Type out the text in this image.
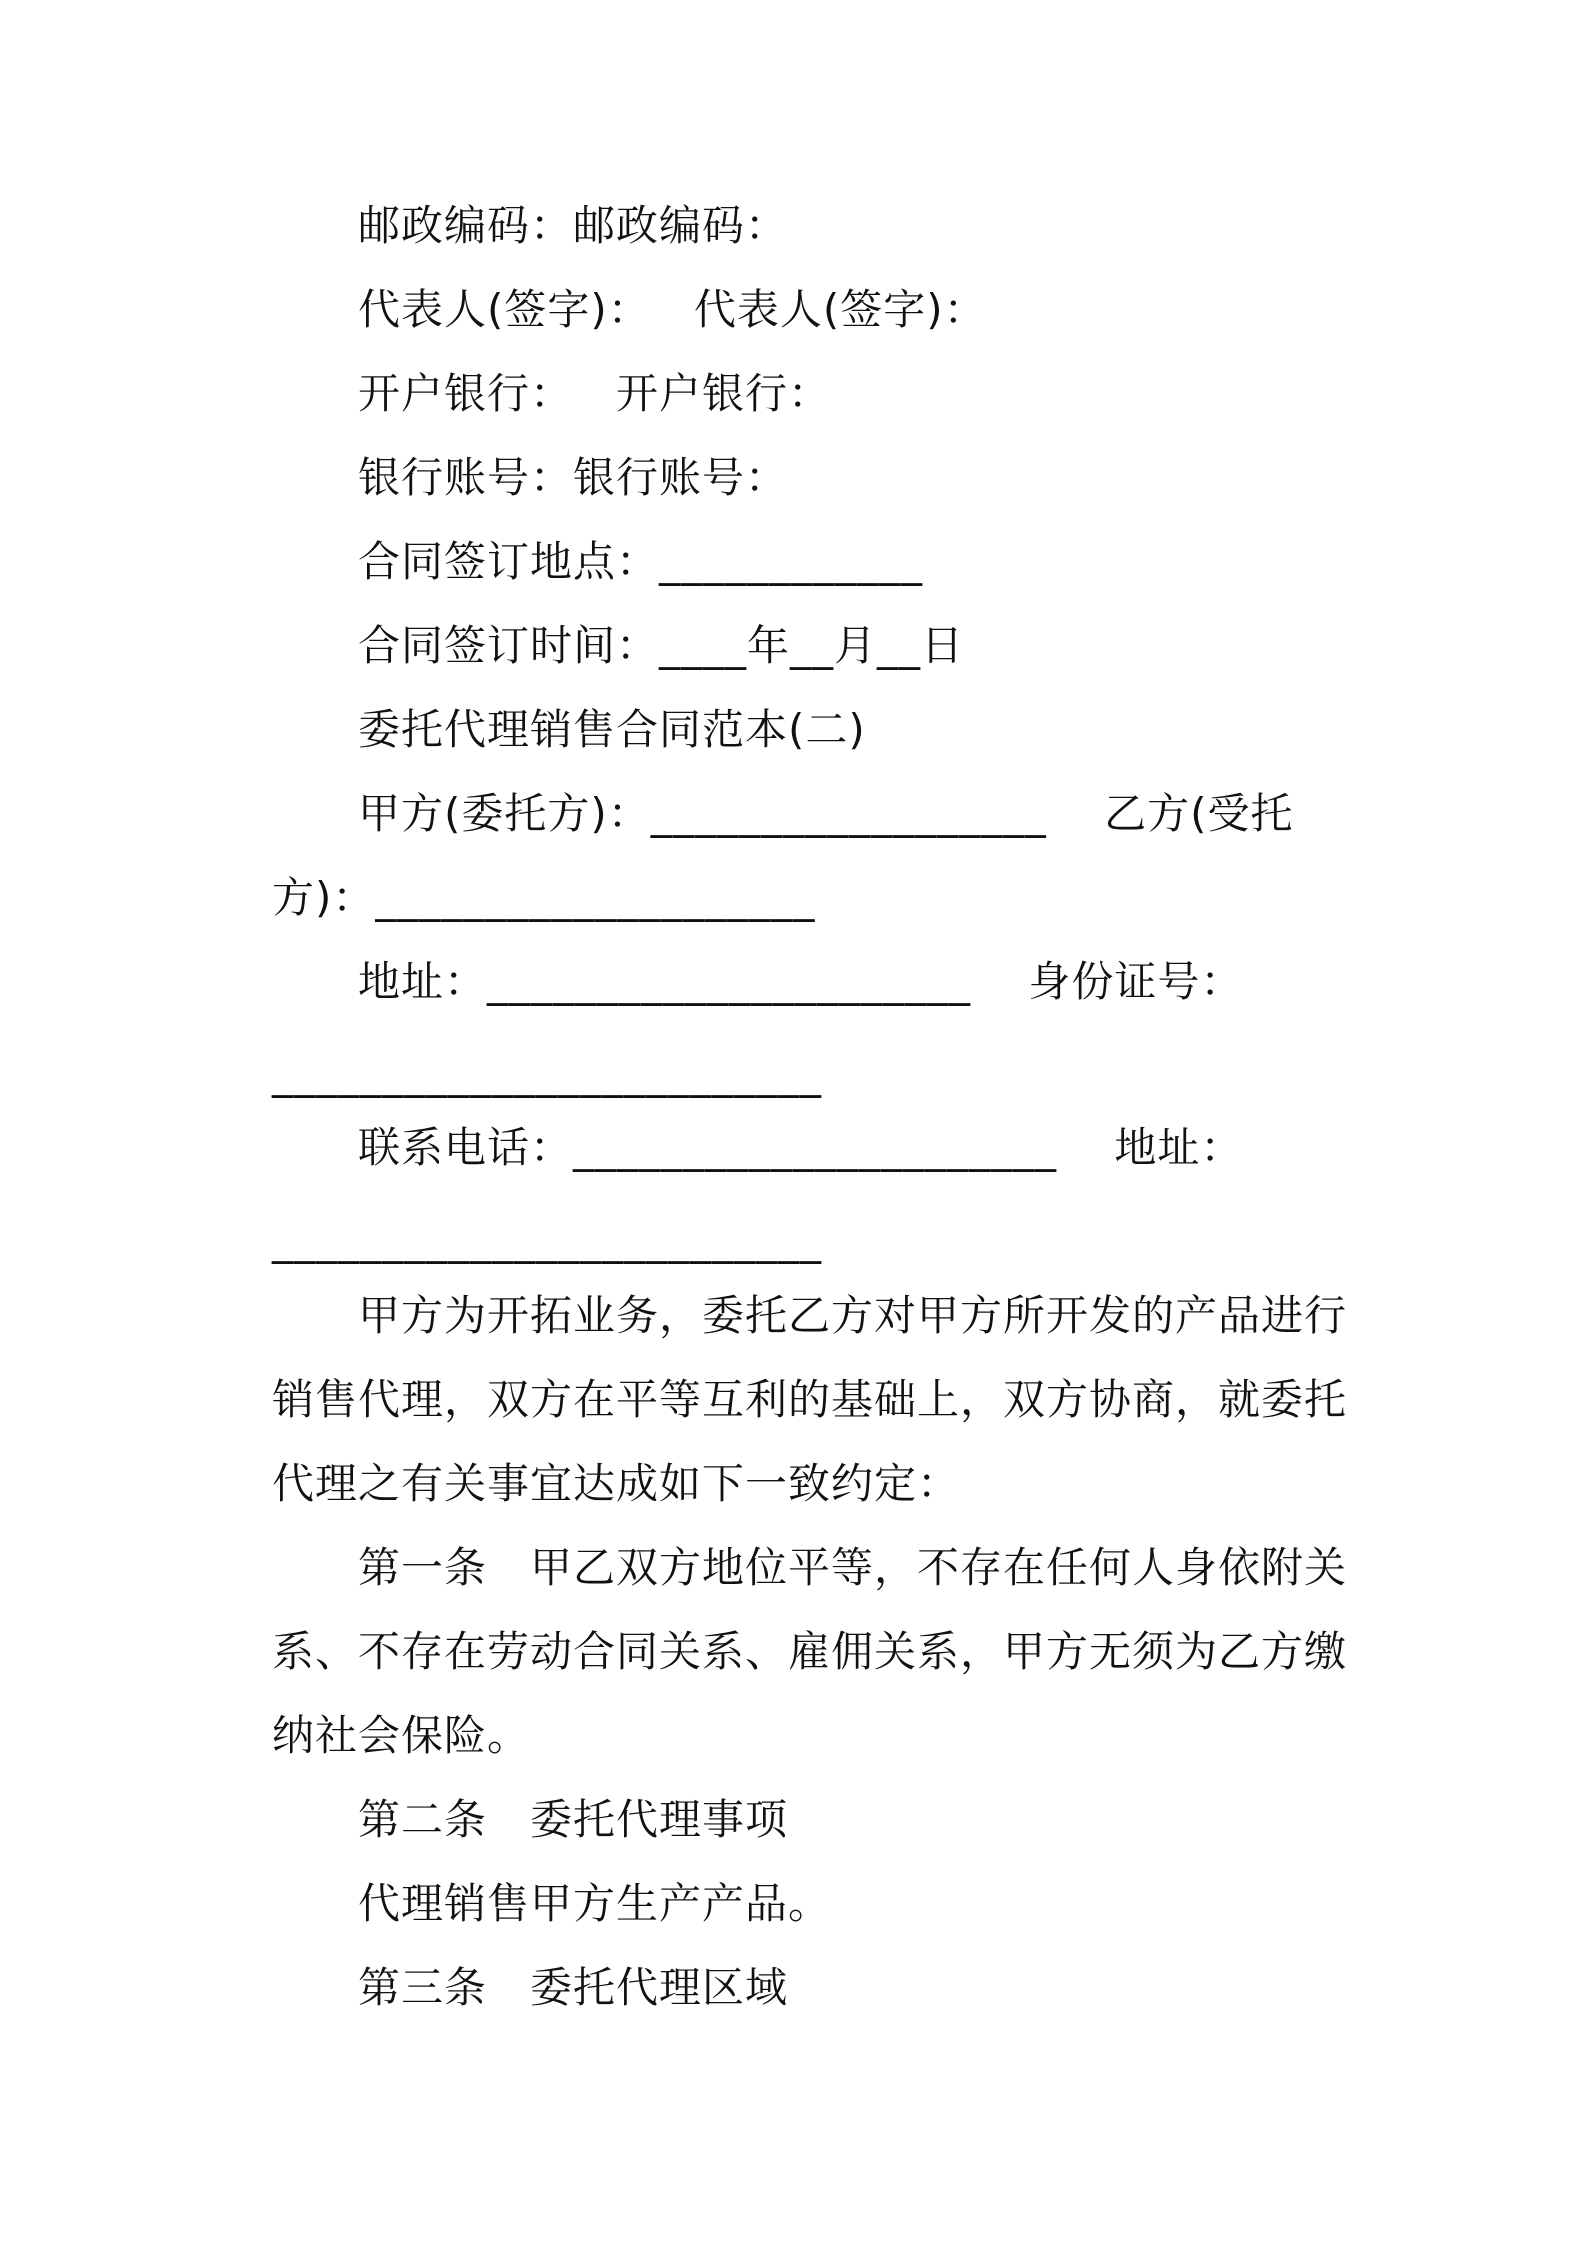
邮政编码：邮政编码：
代表人(签字)：   代表人(签字)：
开户银行：   开户银行：
银行账号：银行账号：
合同签订地点：____________
合同签订时间：____年__月__日
委托代理销售合同范本(二)
甲方(委托方)：__________________    乙方(受托
方)：____________________
地址：______________________    身份证号：
_________________________
联系电话：______________________    地址：
_________________________
甲方为开拓业务，委托乙方对甲方所开发的产品进行
销售代理，双方在平等互利的基础上，双方协商，就委托
代理之有关事宜达成如下一致约定：
第一条   甲乙双方地位平等，不存在任何人身依附关
系、不存在劳动合同关系、雇佣关系，甲方无须为乙方缴
纳社会保险。
第二条   委托代理事项
代理销售甲方生产产品。
第三条   委托代理区域
